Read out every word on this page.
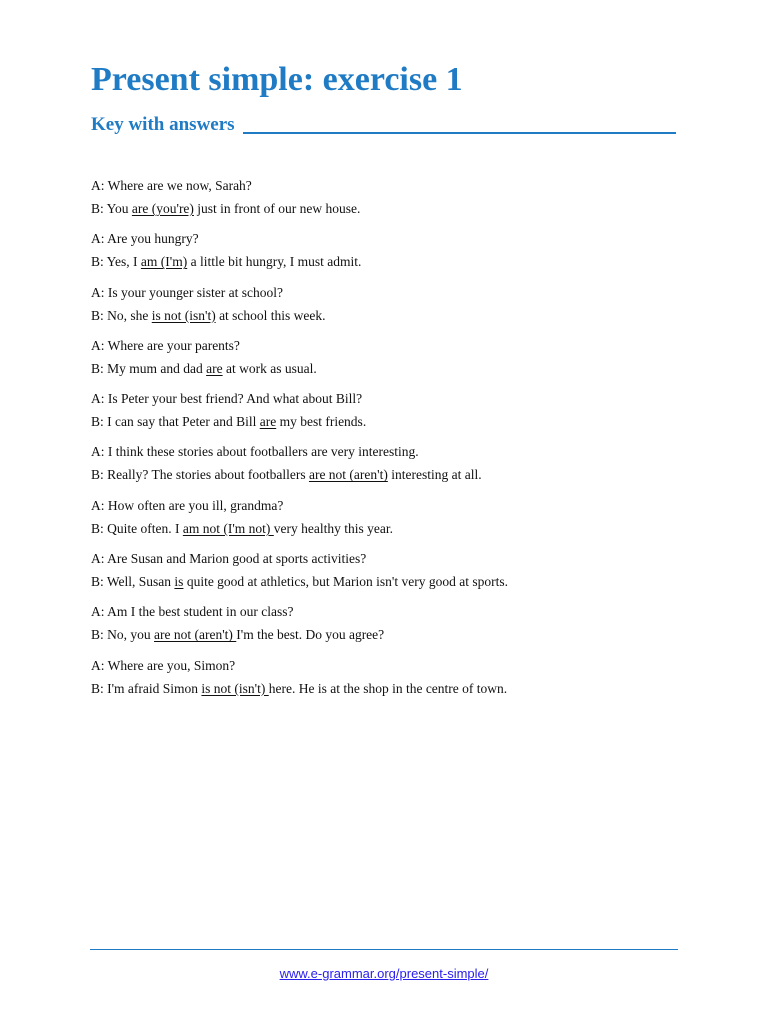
Present simple: exercise 1
Key with answers
A: Where are we now, Sarah?
B: You are (you're) just in front of our new house.
A: Are you hungry?
B: Yes, I am (I'm) a little bit hungry, I must admit.
A: Is your younger sister at school?
B: No, she is not (isn't) at school this week.
A: Where are your parents?
B: My mum and dad are at work as usual.
A: Is Peter your best friend? And what about Bill?
B: I can say that Peter and Bill are my best friends.
A: I think these stories about footballers are very interesting.
B: Really? The stories about footballers are not (aren't) interesting at all.
A: How often are you ill, grandma?
B: Quite often. I am not (I'm not) very healthy this year.
A: Are Susan and Marion good at sports activities?
B: Well, Susan is quite good at athletics, but Marion isn't very good at sports.
A: Am I the best student in our class?
B: No, you are not (aren't) I'm the best. Do you agree?
A: Where are you, Simon?
B: I'm afraid Simon is not (isn't) here. He is at the shop in the centre of town.
www.e-grammar.org/present-simple/
